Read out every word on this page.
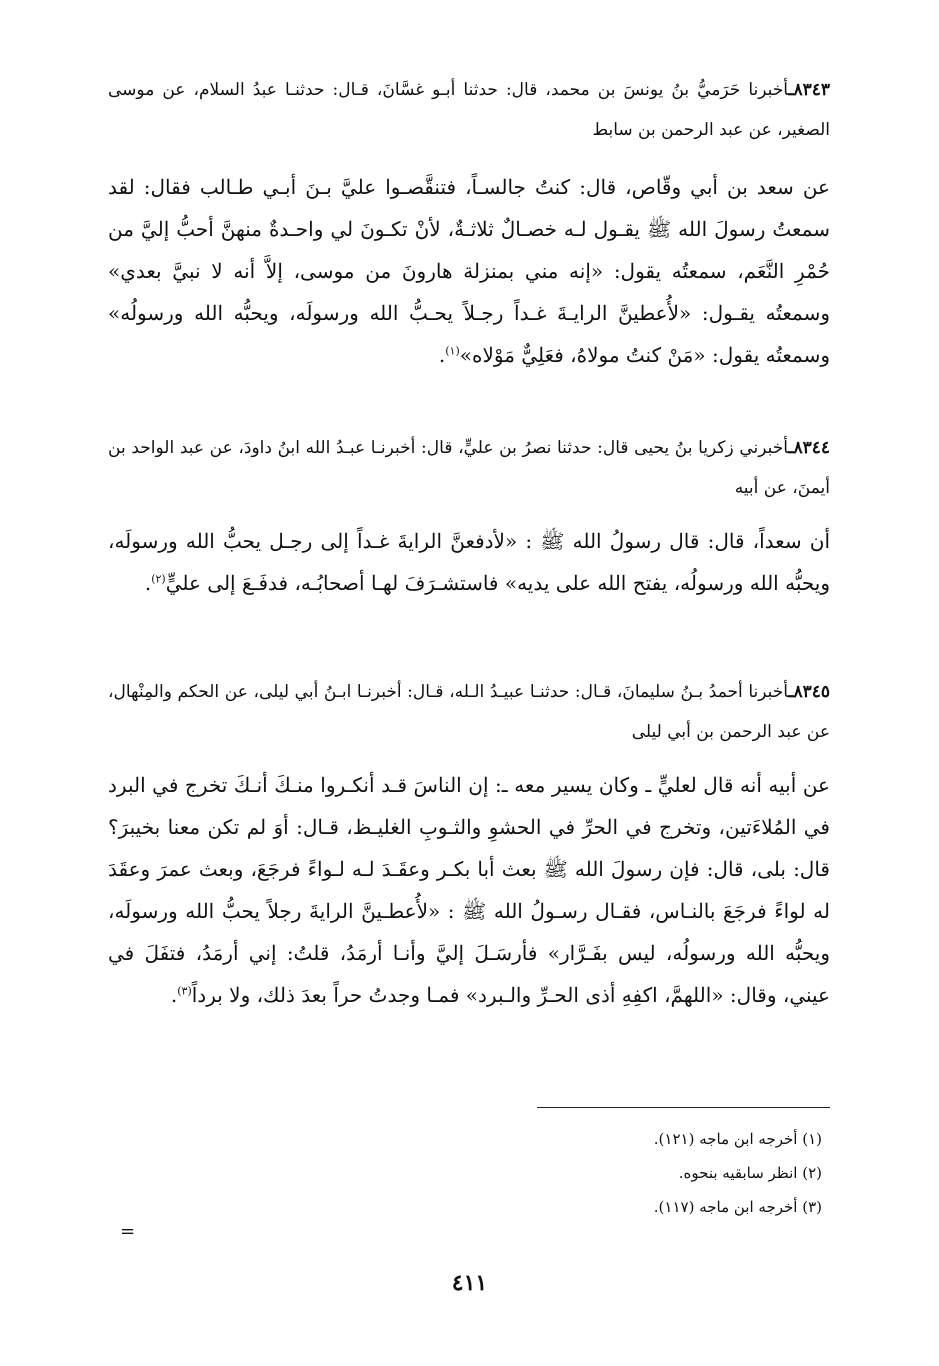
٨٣٤٣ـأخبرنا حَرَميُّ بنُ يونسَ بن محمد، قال: حدثنا أبـو غسَّانَ، قـال: حدثنـا عبدُ السلام، عن موسى الصغير، عن عبد الرحمن بن سابط
عن سعد بن أبي وقّاص، قال: كنتُ جالسـاً، فتنقَّصـوا عليَّ بـنَ أبـي طـالب فقال: لقد سمعتُ رسولَ الله ﷺ يقـول لـه خصـالٌ ثلاثـةٌ، لأنْ تكـونَ لي واحـدةٌ منهنَّ أحبُّ إليَّ من حُمْرِ النَّعَم، سمعتُه يقول: «إنه مني بمنزلة هارونَ من موسى، إلاَّ أنه لا نبيَّ بعدي» وسمعتُه يقـول: «لأُعطينَّ الرايـةَ غـداً رجـلاً يحـبُّ الله ورسولَه، ويحبُّه الله ورسولُه» وسمعتُه يقول: «مَنْ كنتُ مولاهُ، فعَلِيٌّ مَوْلاه»$^{(١)}$.
٨٣٤٤ـأخبرني زكريا بنُ يحيى قال: حدثنا نصرُ بن عليٍّ، قال: أخبرنـا عبـدُ الله ابنُ داودَ، عن عبد الواحد بن أيمنَ، عن أبيه
أن سعداً، قال: قال رسولُ الله ﷺ : «لأدفعنَّ الرايةَ غـداً إلى رجـل يحبُّ الله ورسولَه، ويحبُّه الله ورسولُه، يفتح الله على يديه» فاستشـرَفَ لهـا أصحابُـه، فدفَـعَ إلى عليٍّ$^{(٢)}$.
٨٣٤٥ـأخبرنا أحمدُ بـنُ سليمانَ، قـال: حدثنـا عبيـدُ الـله، قـال: أخبرنـا ابـنُ أبي ليلى، عن الحكم والمِنْهال، عن عبد الرحمن بن أبي ليلى
عن أبيه أنه قال لعليٍّ ـ وكان يسير معه ـ: إن الناسَ قـد أنكـروا منـكَ أنـكَ تخرج في البرد في المُلاءَتين، وتخرج في الحرِّ في الحشوِ والثـوبِ الغليـظ، قـال: أوَ لم تكن معنا بخيبرَ؟ قال: بلى، قال: فإن رسولَ الله ﷺ بعث أبا بكـر وعقَـدَ لـه لـواءً فرجَعَ، وبعث عمرَ وعقَدَ له لواءً فرجَعَ بالنـاس، فقـال رسـولُ الله ﷺ : «لأُعطـينَّ الرايةَ رجلاً يحبُّ الله ورسولَه، ويحبُّه الله ورسولُه، ليس بفَـرَّار» فأرسَـلَ إليَّ وأنـا أرمَدُ، قلتُ: إني أرمَدُ، فتفَلَ في عيني، وقال: «اللهمَّ، اكفِهِ أذى الحـرِّ والـبرد» فمـا وجدتُ حراً بعدَ ذلك، ولا برداً$^{(٣)}$.
(١) أخرجه ابن ماجه (١٢١).
(٢) انظر سابقيه بنحوه.
(٣) أخرجه ابن ماجه (١١٧).
=
٤١١
